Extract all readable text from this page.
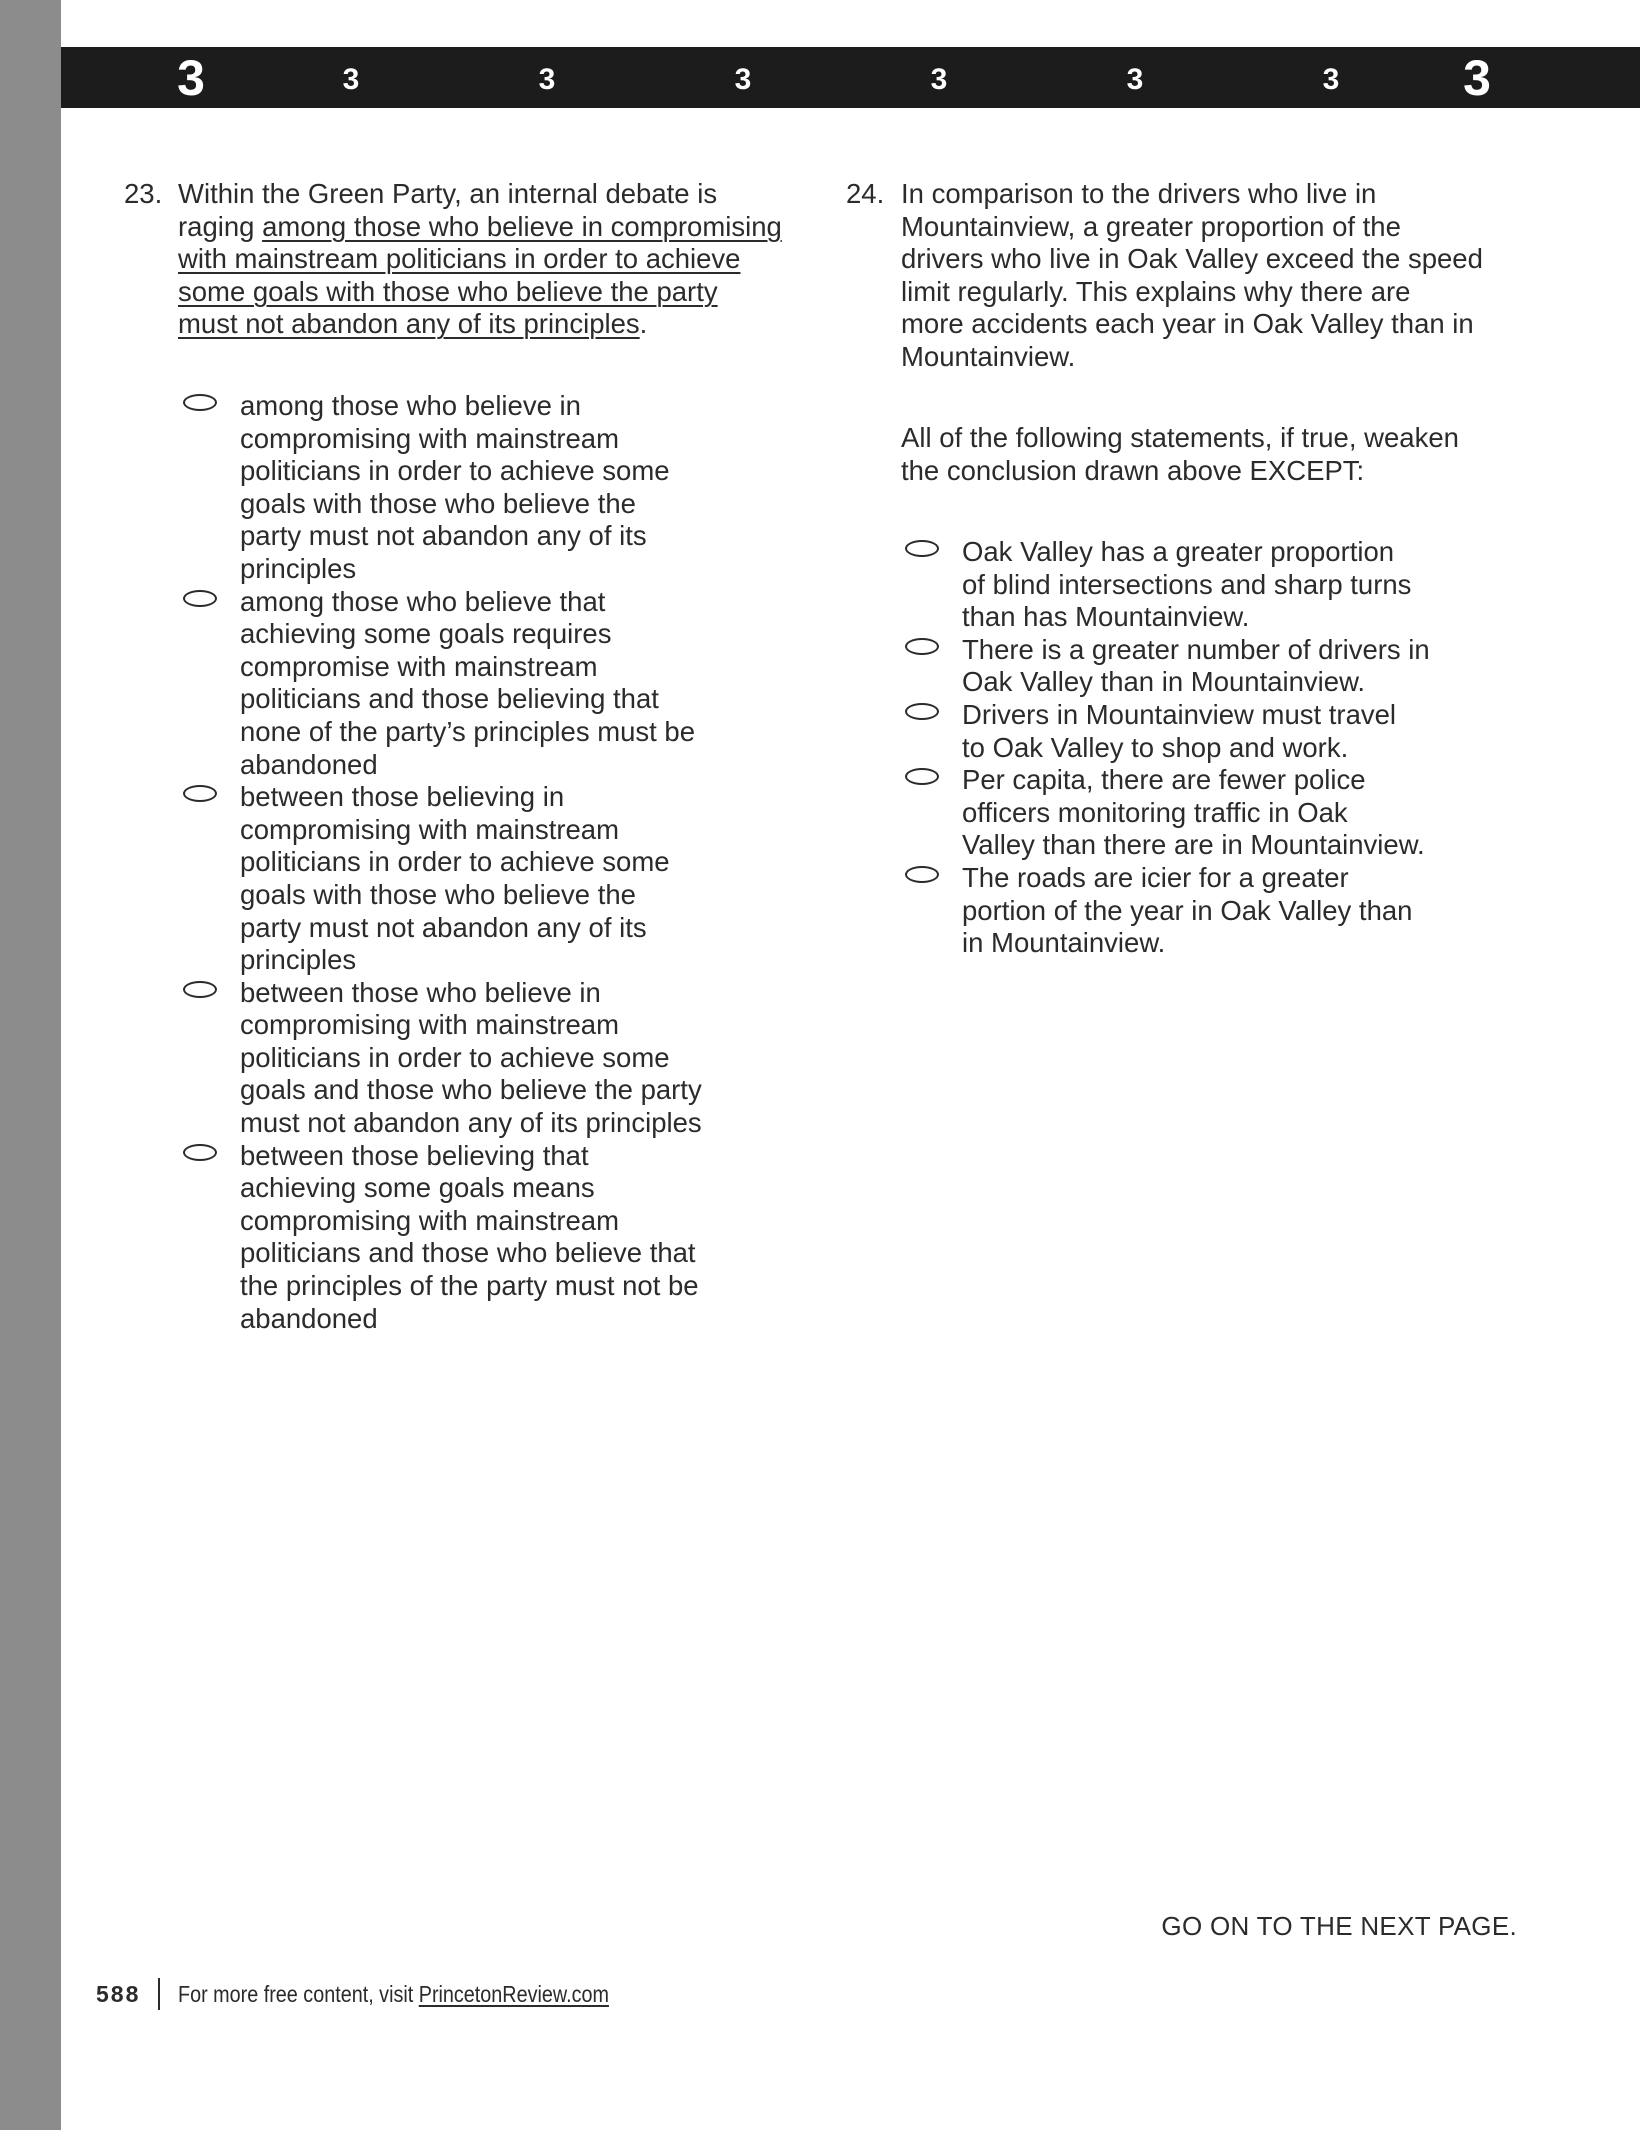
3	3	3	3	3	3	3 3
23. Within the Green Party, an internal debate is
raging among those who believe in compromising
with mainstream politicians in order to achieve
some goals with those who believe the party
must not abandon any of its principles.
among those who believe in
compromising with mainstream
politicians in order to achieve some
goals with those who believe the
party must not abandon any of its
principles
among those who believe that
achieving some goals requires
compromise with mainstream
politicians and those believing that
none of the party’s principles must be
abandoned
between those believing in
compromising with mainstream
politicians in order to achieve some
goals with those who believe the
party must not abandon any of its
principles
between those who believe in
compromising with mainstream
politicians in order to achieve some
goals and those who believe the party
must not abandon any of its principles
between those believing that
achieving some goals means
compromising with mainstream
politicians and those who believe that
the principles of the party must not be
abandoned
24. In comparison to the drivers who live in
Mountainview, a greater proportion of the
drivers who live in Oak Valley exceed the speed
limit regularly. This explains why there are
more accidents each year in Oak Valley than in
Mountainview.
All of the following statements, if true, weaken
the conclusion drawn above EXCEPT:
Oak Valley has a greater proportion
of blind intersections and sharp turns
than has Mountainview.
There is a greater number of drivers in
Oak Valley than in Mountainview.
Drivers in Mountainview must travel
to Oak Valley to shop and work.
Per capita, there are fewer police
officers monitoring traffic in Oak
Valley than there are in Mountainview.
The roads are icier for a greater
portion of the year in Oak Valley than
in Mountainview.
GO ON TO THE NEXT PAGE.
588 For more free content, visit PrincetonReview.com
